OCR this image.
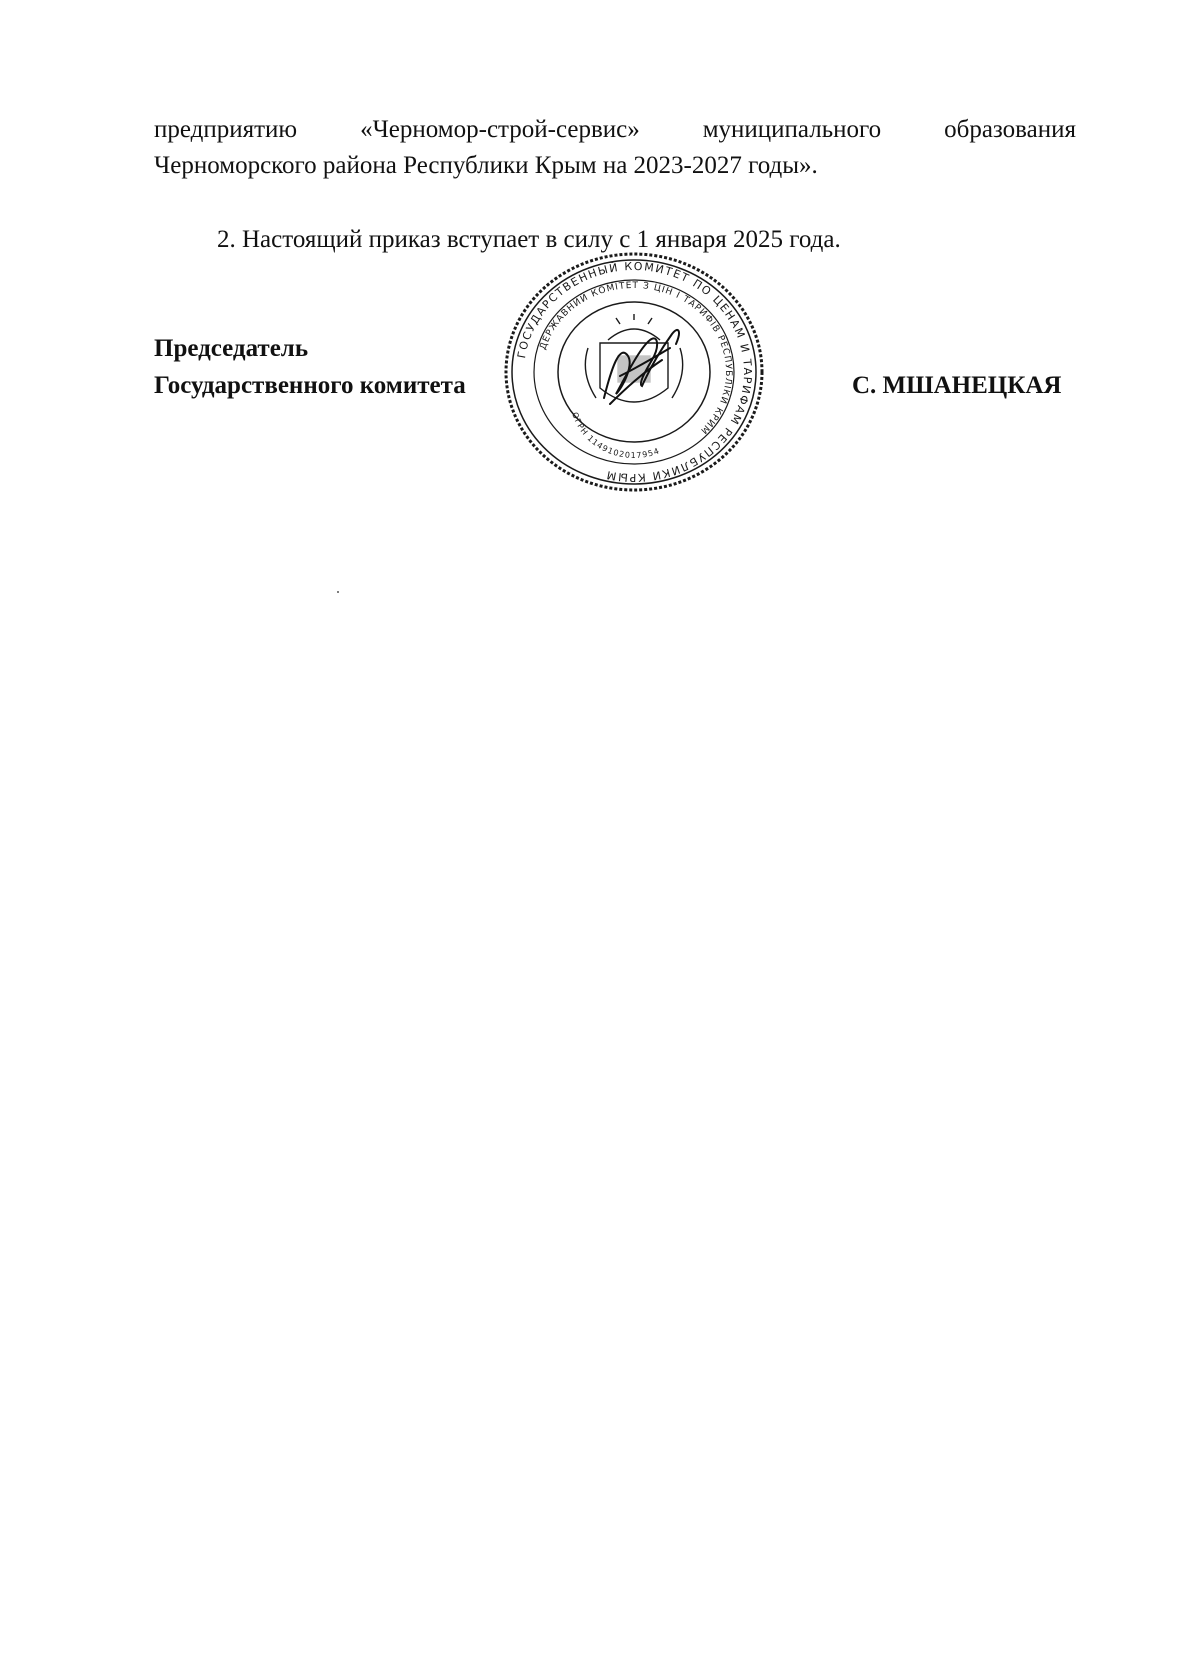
предприятию	«Черномор-строй-сервис»	муниципального	образования
Черноморского района Республики Крым на 2023-2027 годы».
2. Настоящий приказ вступает в силу с 1 января 2025 года.
Председатель
Государственного комитета
ГОСУДАРСТВЕННЫЙ КОМИТЕТ ПО ЦЕНАМ И ТАРИФАМ РЕСПУБЛИКИ КРЫМ
ДЕРЖАВНИЙ КОМІТЕТ З ЦІН І ТАРИФІВ РЕСПУБЛІКИ КРИМ
ОГРН 1149102017954
С. МШАНЕЦКАЯ
